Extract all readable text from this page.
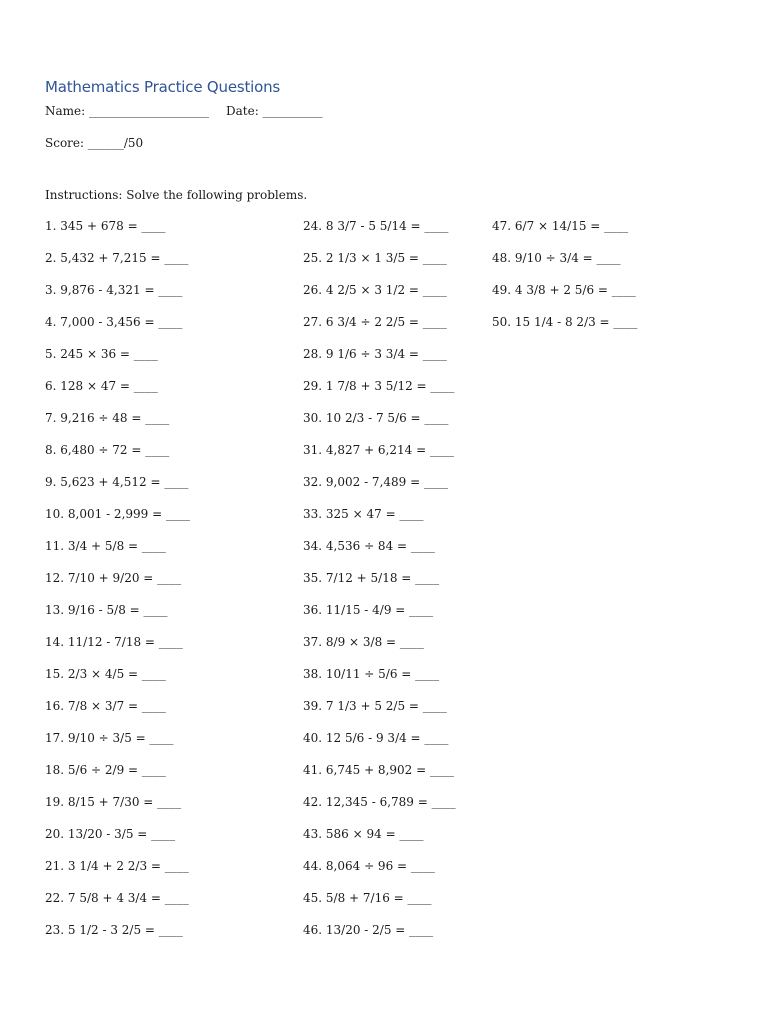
Mathematics Practice Questions
Name: ____________________ Date: __________
Score: ______/50
Instructions: Solve the following problems.
1. 345 + 678 = ____
2. 5,432 + 7,215 = ____
3. 9,876 - 4,321 = ____
4. 7,000 - 3,456 = ____
5. 245 × 36 = ____
6. 128 × 47 = ____
7. 9,216 ÷ 48 = ____
8. 6,480 ÷ 72 = ____
9. 5,623 + 4,512 = ____
10. 8,001 - 2,999 = ____
11. 3/4 + 5/8 = ____
12. 7/10 + 9/20 = ____
13. 9/16 - 5/8 = ____
14. 11/12 - 7/18 = ____
15. 2/3 × 4/5 = ____
16. 7/8 × 3/7 = ____
17. 9/10 ÷ 3/5 = ____
18. 5/6 ÷ 2/9 = ____
19. 8/15 + 7/30 = ____
20. 13/20 - 3/5 = ____
21. 3 1/4 + 2 2/3 = ____
22. 7 5/8 + 4 3/4 = ____
23. 5 1/2 - 3 2/5 = ____
24. 8 3/7 - 5 5/14 = ____
25. 2 1/3 × 1 3/5 = ____
26. 4 2/5 × 3 1/2 = ____
27. 6 3/4 ÷ 2 2/5 = ____
28. 9 1/6 ÷ 3 3/4 = ____
29. 1 7/8 + 3 5/12 = ____
30. 10 2/3 - 7 5/6 = ____
31. 4,827 + 6,214 = ____
32. 9,002 - 7,489 = ____
33. 325 × 47 = ____
34. 4,536 ÷ 84 = ____
35. 7/12 + 5/18 = ____
36. 11/15 - 4/9 = ____
37. 8/9 × 3/8 = ____
38. 10/11 ÷ 5/6 = ____
39. 7 1/3 + 5 2/5 = ____
40. 12 5/6 - 9 3/4 = ____
41. 6,745 + 8,902 = ____
42. 12,345 - 6,789 = ____
43. 586 × 94 = ____
44. 8,064 ÷ 96 = ____
45. 5/8 + 7/16 = ____
46. 13/20 - 2/5 = ____
47. 6/7 × 14/15 = ____
48. 9/10 ÷ 3/4 = ____
49. 4 3/8 + 2 5/6 = ____
50. 15 1/4 - 8 2/3 = ____
